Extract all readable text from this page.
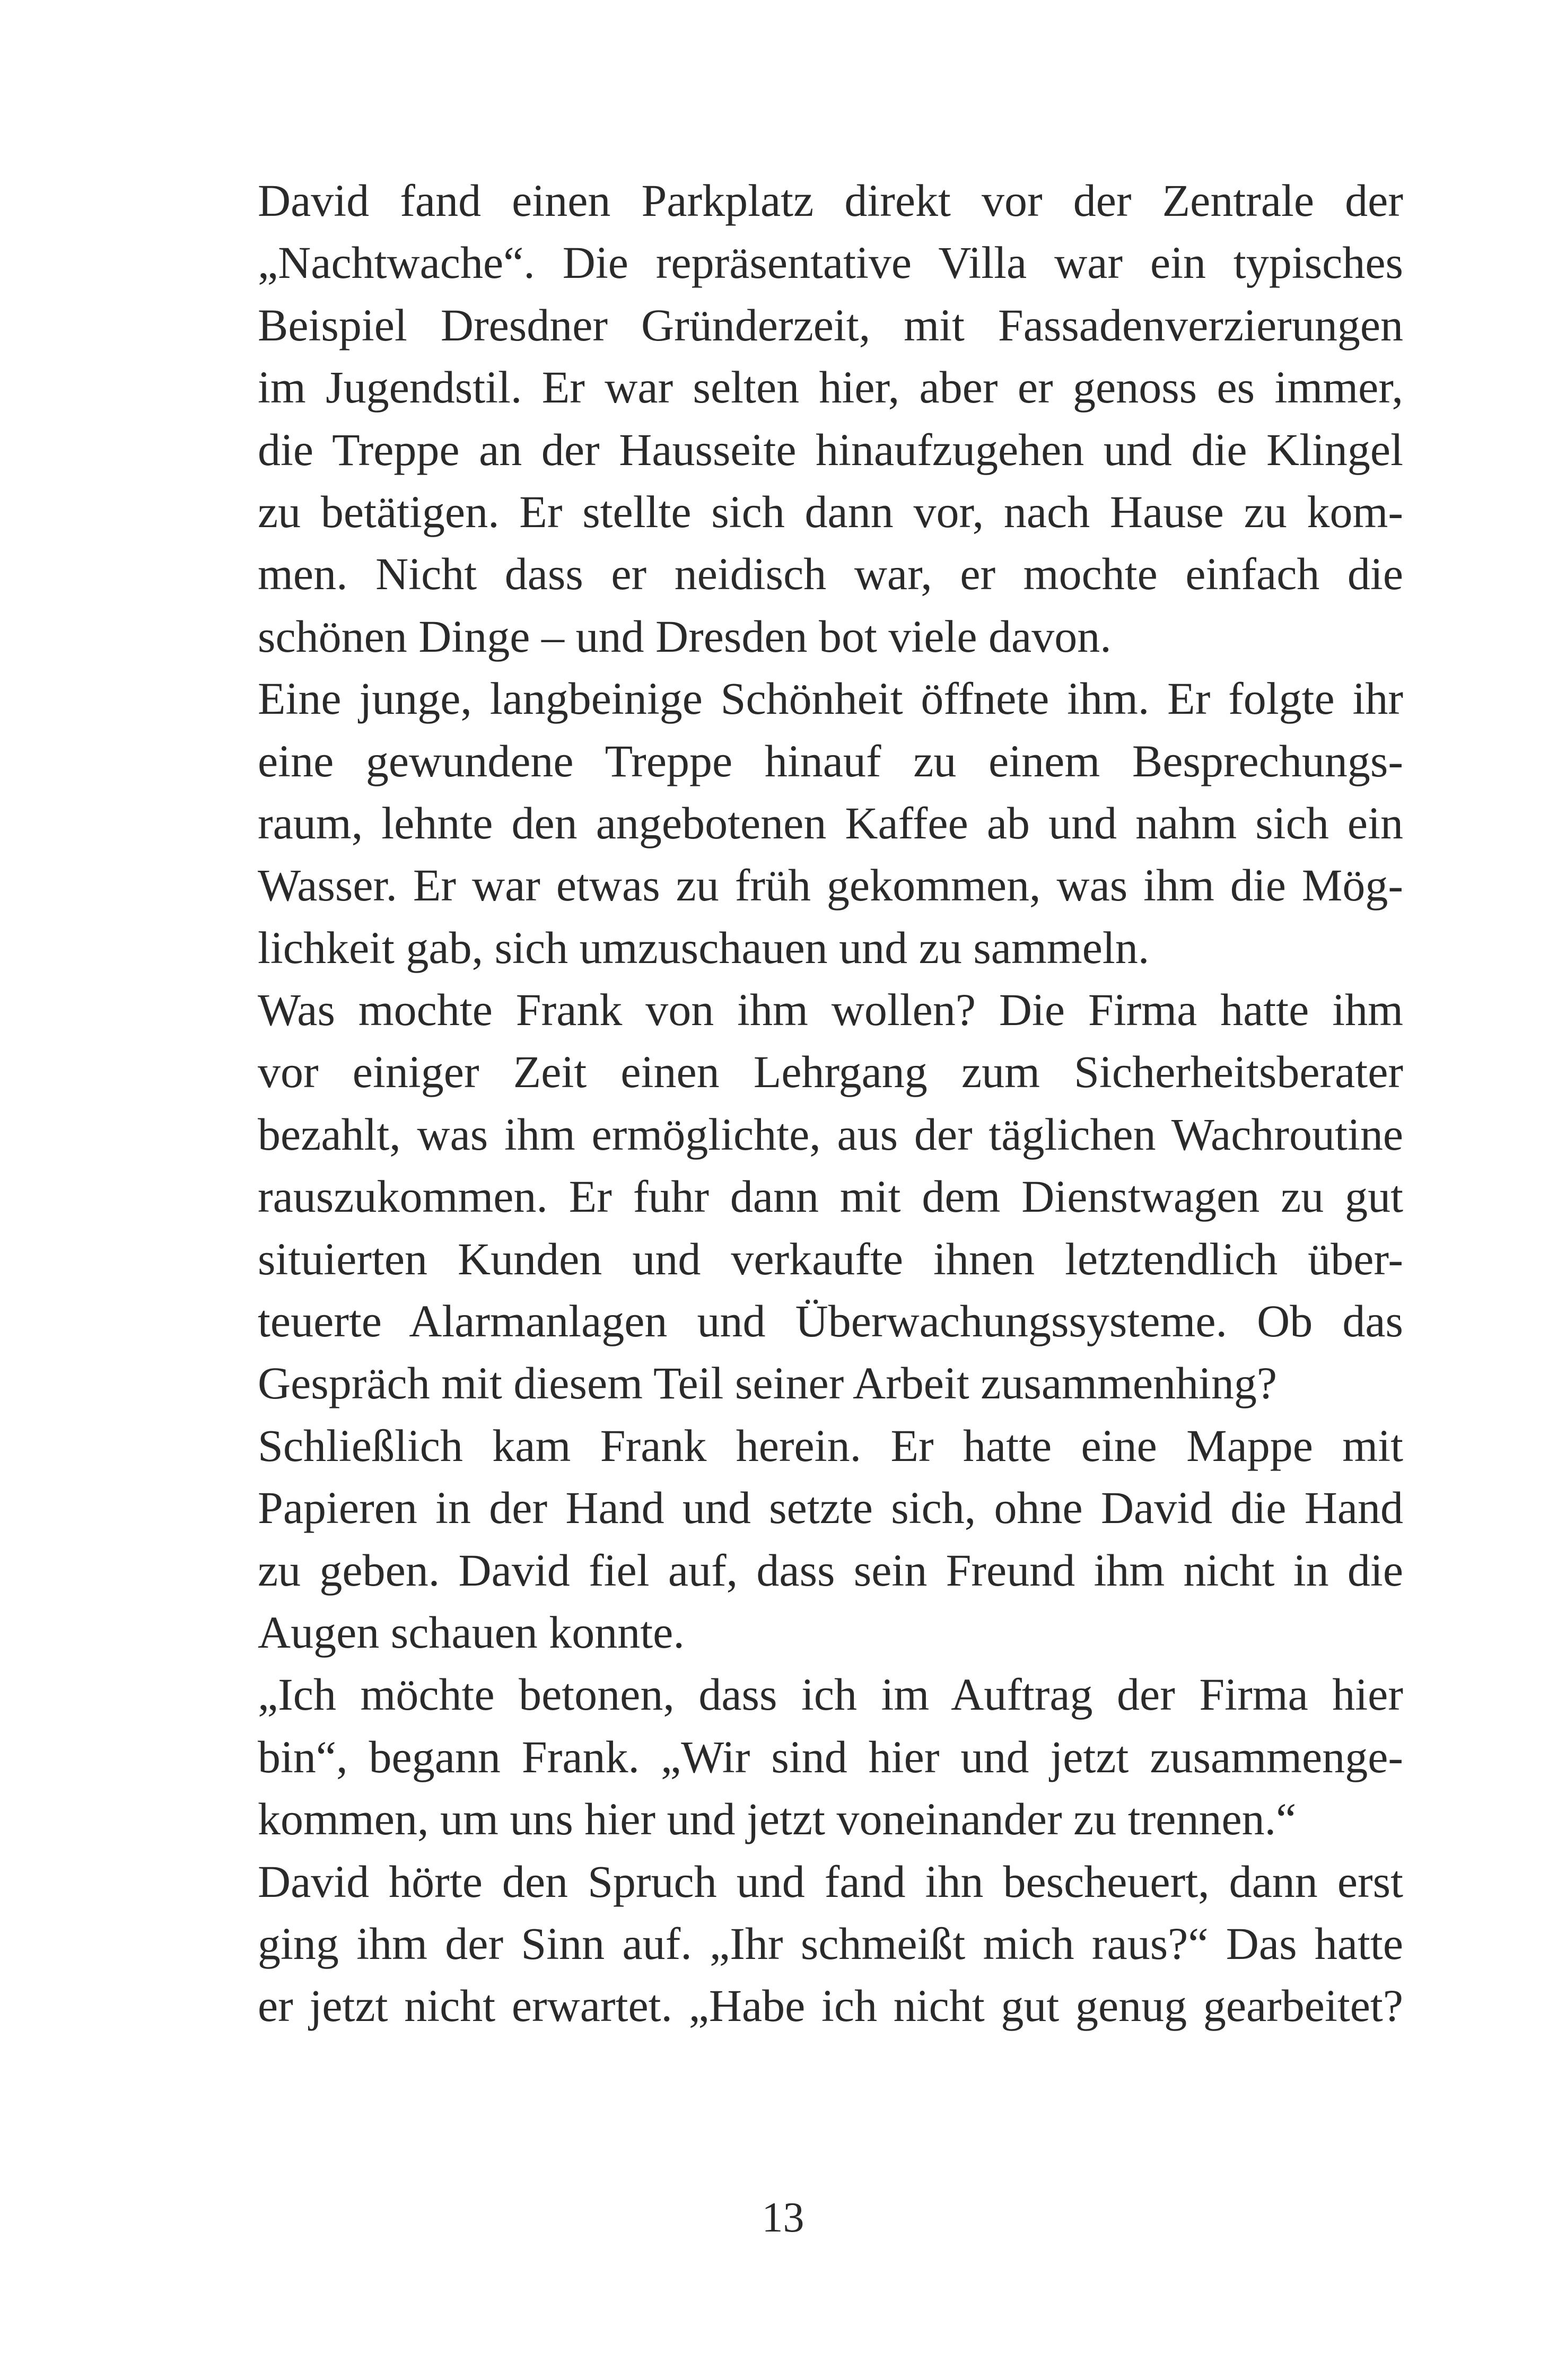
David fand einen Parkplatz direkt vor der Zentrale der
„Nachtwache“. Die repräsentative Villa war ein typisches
Beispiel Dresdner Gründerzeit, mit Fassadenverzierungen
im Jugendstil. Er war selten hier, aber er genoss es immer,
die Treppe an der Hausseite hinaufzugehen und die Klingel
zu betätigen. Er stellte sich dann vor, nach Hause zu kom-
men. Nicht dass er neidisch war, er mochte einfach die
schönen Dinge – und Dresden bot viele davon.
Eine junge, langbeinige Schönheit öffnete ihm. Er folgte ihr
eine gewundene Treppe hinauf zu einem Besprechungs-
raum, lehnte den angebotenen Kaffee ab und nahm sich ein
Wasser. Er war etwas zu früh gekommen, was ihm die Mög-
lichkeit gab, sich umzuschauen und zu sammeln.
Was mochte Frank von ihm wollen? Die Firma hatte ihm
vor einiger Zeit einen Lehrgang zum Sicherheitsberater
bezahlt, was ihm ermöglichte, aus der täglichen Wachroutine
rauszukommen. Er fuhr dann mit dem Dienstwagen zu gut
situierten Kunden und verkaufte ihnen letztendlich über-
teuerte Alarmanlagen und Überwachungssysteme. Ob das
Gespräch mit diesem Teil seiner Arbeit zusammenhing?
Schließlich kam Frank herein. Er hatte eine Mappe mit
Papieren in der Hand und setzte sich, ohne David die Hand
zu geben. David fiel auf, dass sein Freund ihm nicht in die
Augen schauen konnte.
„Ich möchte betonen, dass ich im Auftrag der Firma hier
bin“, begann Frank. „Wir sind hier und jetzt zusammenge-
kommen, um uns hier und jetzt voneinander zu trennen.“
David hörte den Spruch und fand ihn bescheuert, dann erst
ging ihm der Sinn auf. „Ihr schmeißt mich raus?“ Das hatte
er jetzt nicht erwartet. „Habe ich nicht gut genug gearbeitet?
13
